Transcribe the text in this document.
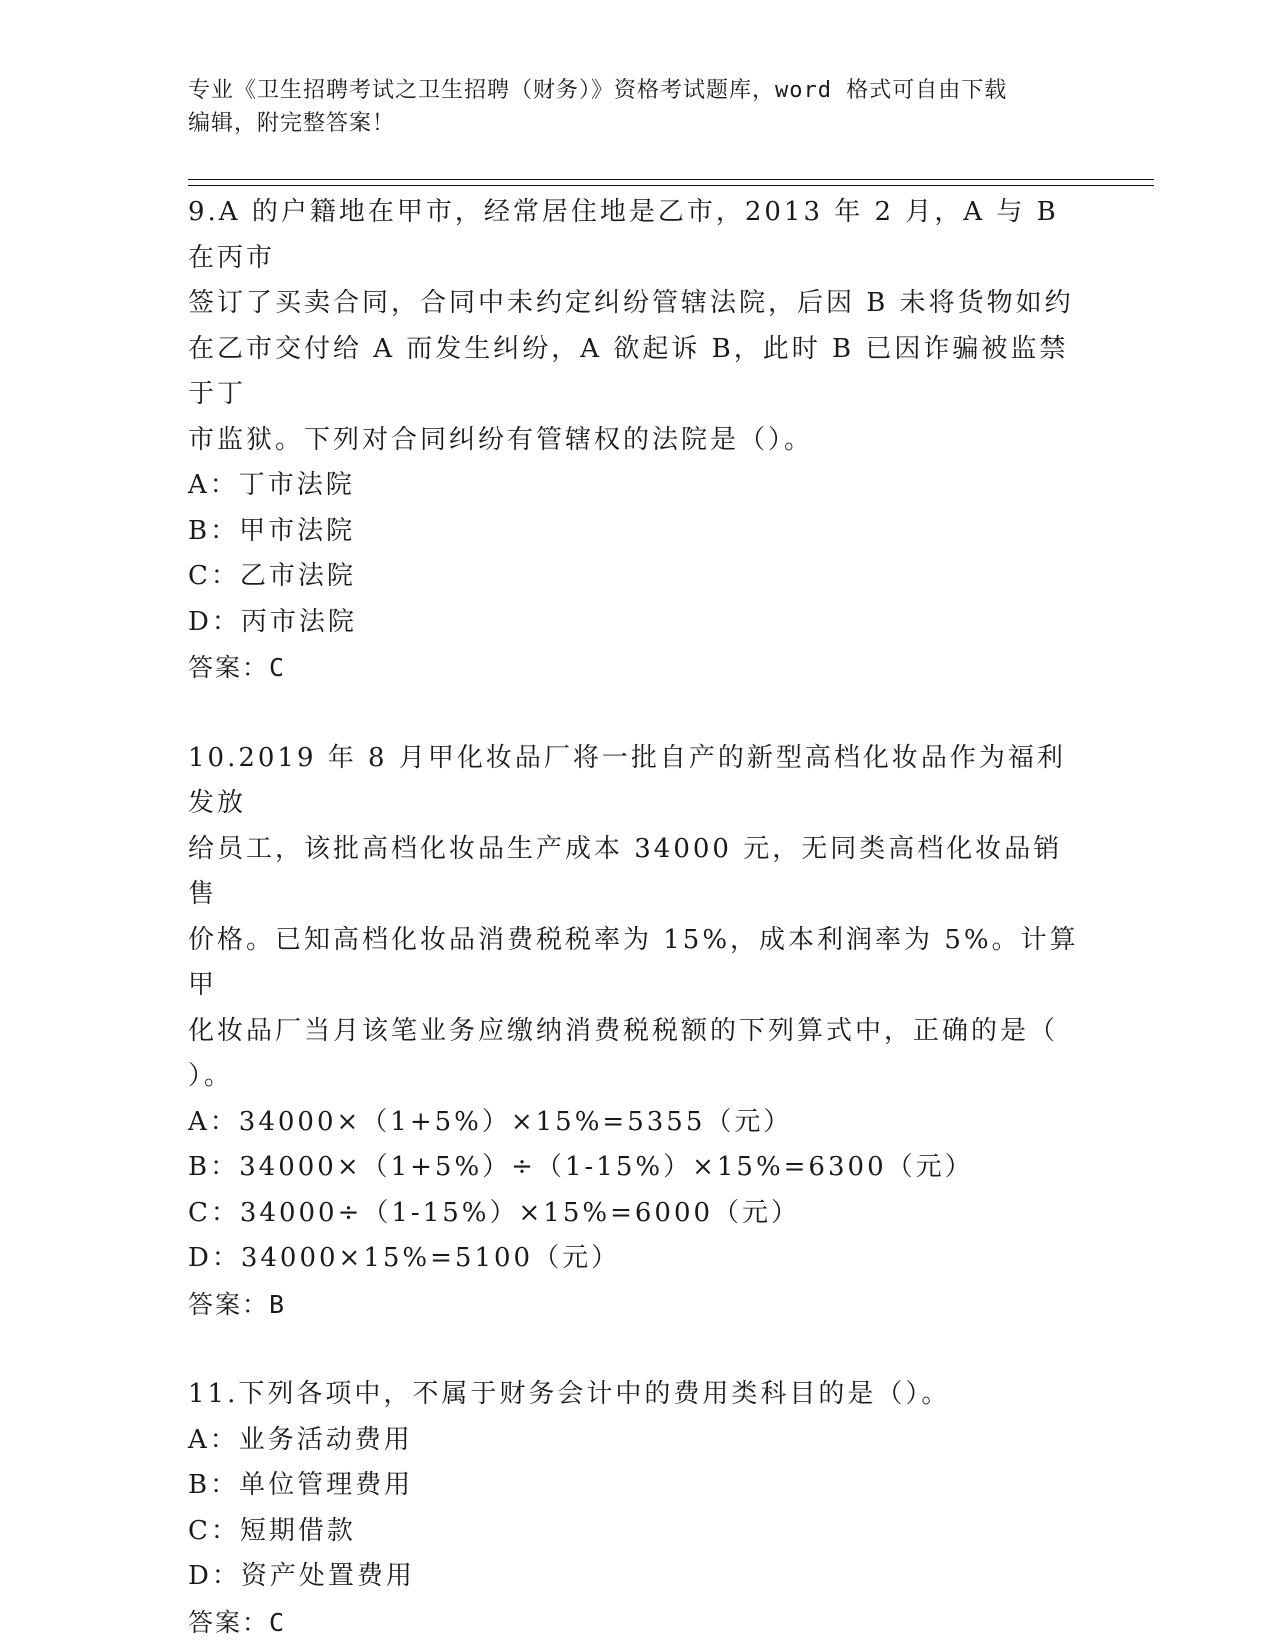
专业《卫生招聘考试之卫生招聘（财务）》资格考试题库，word 格式可自由下载
编辑，附完整答案！
9.A 的户籍地在甲市，经常居住地是乙市，2013 年 2 月，A 与 B 在丙市
签订了买卖合同，合同中未约定纠纷管辖法院，后因 B 未将货物如约
在乙市交付给 A 而发生纠纷，A 欲起诉 B，此时 B 已因诈骗被监禁于丁
市监狱。下列对合同纠纷有管辖权的法院是（）。
A：丁市法院
B：甲市法院
C：乙市法院
D：丙市法院
答案：C
10.2019 年 8 月甲化妆品厂将一批自产的新型高档化妆品作为福利发放
给员工，该批高档化妆品生产成本 34000 元，无同类高档化妆品销售
价格。已知高档化妆品消费税税率为 15%，成本利润率为 5%。计算甲
化妆品厂当月该笔业务应缴纳消费税税额的下列算式中，正确的是（
）。
A：34000×（1+5%）×15%=5355（元）
B：34000×（1+5%）÷（1-15%）×15%=6300（元）
C：34000÷（1-15%）×15%=6000（元）
D：34000×15%=5100（元）
答案：B
11.下列各项中，不属于财务会计中的费用类科目的是（）。
A：业务活动费用
B：单位管理费用
C：短期借款
D：资产处置费用
答案：C
